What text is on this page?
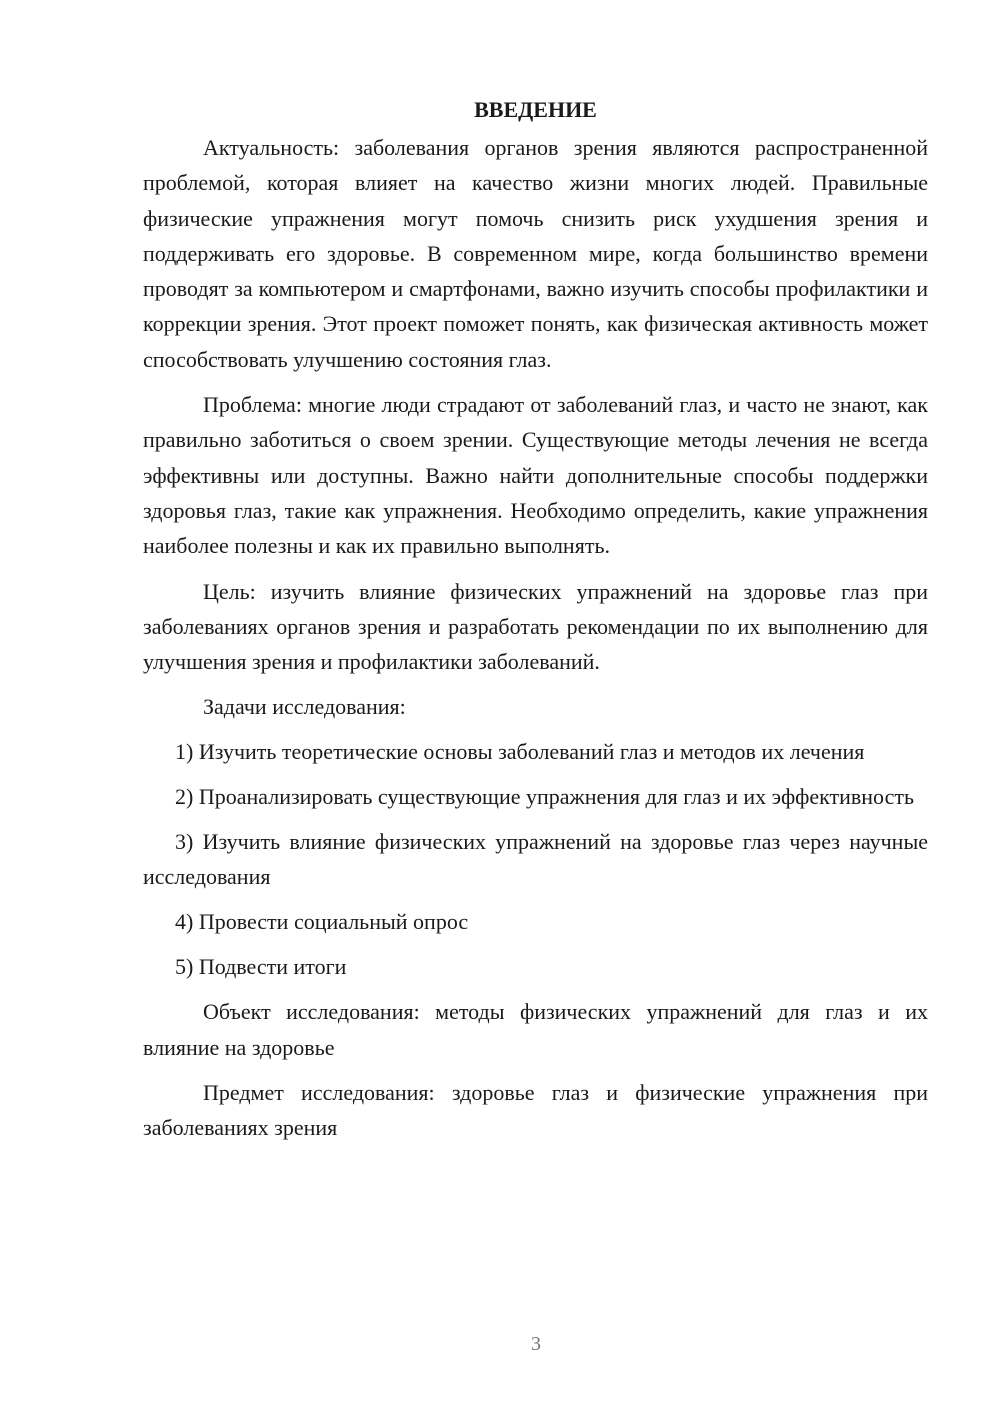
ВВЕДЕНИЕ

Актуальность: заболевания органов зрения являются распространенной проблемой, которая влияет на качество жизни многих людей. Правильные физические упражнения могут помочь снизить риск ухудшения зрения и поддерживать его здоровье. В современном мире, когда большинство времени проводят за компьютером и смартфонами, важно изучить способы профилактики и коррекции зрения. Этот проект поможет понять, как физическая активность может способствовать улучшению состояния глаз.

Проблема: многие люди страдают от заболеваний глаз, и часто не знают, как правильно заботиться о своем зрении. Существующие методы лечения не всегда эффективны или доступны. Важно найти дополнительные способы поддержки здоровья глаз, такие как упражнения. Необходимо определить, какие упражнения наиболее полезны и как их правильно выполнять.

Цель: изучить влияние физических упражнений на здоровье глаз при заболеваниях органов зрения и разработать рекомендации по их выполнению для улучшения зрения и профилактики заболеваний.

Задачи исследования:

1) Изучить теоретические основы заболеваний глаз и методов их лечения
2) Проанализировать существующие упражнения для глаз и их эффективность
3) Изучить влияние физических упражнений на здоровье глаз через научные исследования
4) Провести социальный опрос
5) Подвести итоги

Объект исследования: методы физических упражнений для глаз и их влияние на здоровье

Предмет исследования: здоровье глаз и физические упражнения при заболеваниях зрения

3
